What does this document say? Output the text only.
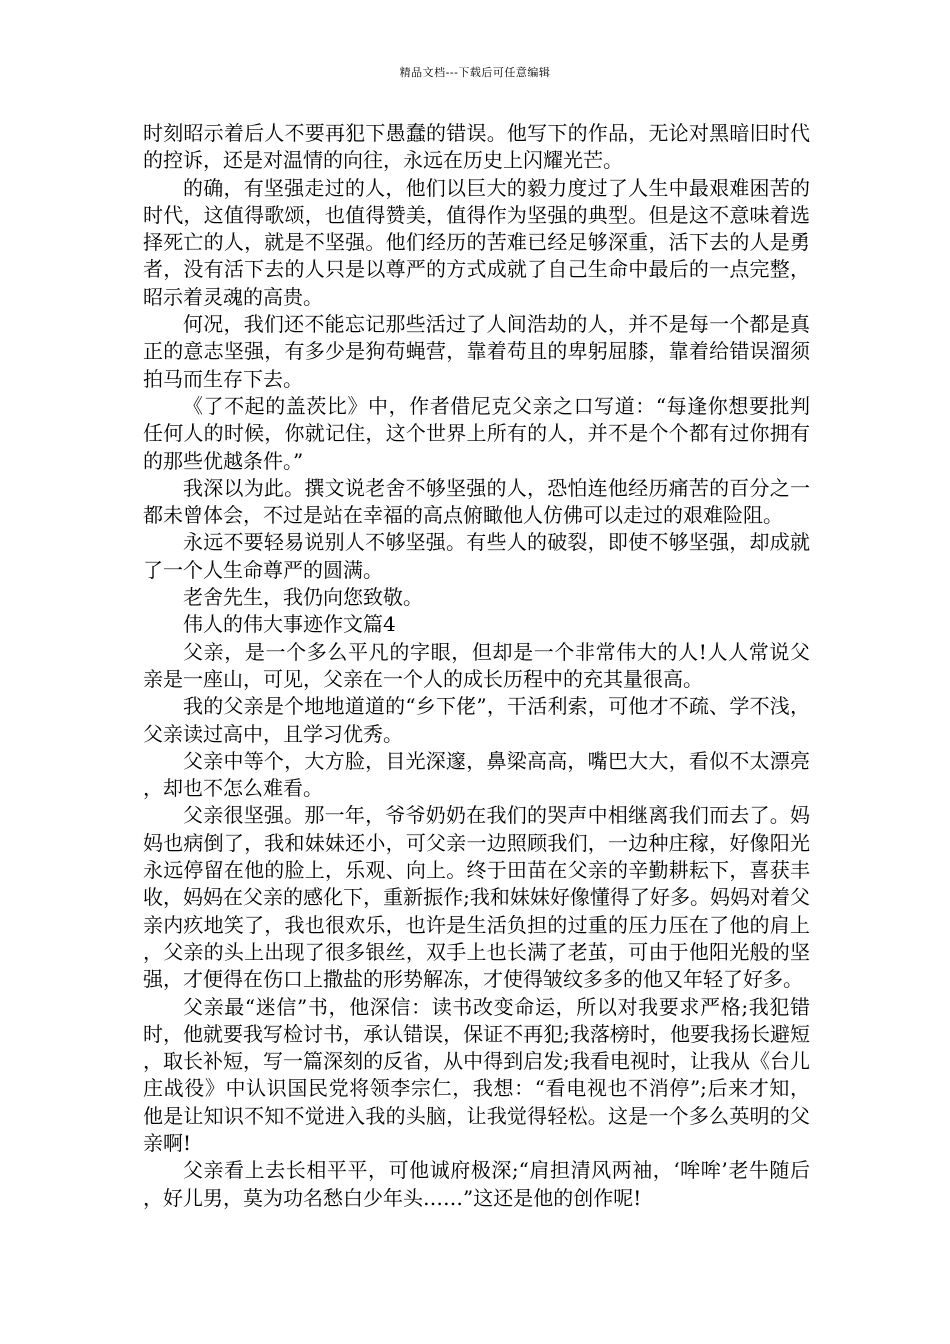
精品文档---下载后可任意编辑

时刻昭示着后人不要再犯下愚蠢的错误。他写下的作品，无论对黑暗旧时代的控诉，还是对温情的向往，永远在历史上闪耀光芒。

的确，有坚强走过的人，他们以巨大的毅力度过了人生中最艰难困苦的时代，这值得歌颂，也值得赞美，值得作为坚强的典型。但是这不意味着选择死亡的人，就是不坚强。他们经历的苦难已经足够深重，活下去的人是勇者，没有活下去的人只是以尊严的方式成就了自己生命中最后的一点完整，昭示着灵魂的高贵。

何况，我们还不能忘记那些活过了人间浩劫的人，并不是每一个都是真正的意志坚强，有多少是狗苟蝇营，靠着苟且的卑躬屈膝，靠着给错误溜须拍马而生存下去。

《了不起的盖茨比》中，作者借尼克父亲之口写道：“每逢你想要批判任何人的时候，你就记住，这个世界上所有的人，并不是个个都有过你拥有的那些优越条件。”

我深以为此。撰文说老舍不够坚强的人，恐怕连他经历痛苦的百分之一都未曾体会，不过是站在幸福的高点俯瞰他人仿佛可以走过的艰难险阻。

永远不要轻易说别人不够坚强。有些人的破裂，即使不够坚强，却成就了一个人生命尊严的圆满。

老舍先生，我仍向您致敬。

伟人的伟大事迹作文篇4

父亲，是一个多么平凡的字眼，但却是一个非常伟大的人!人人常说父亲是一座山，可见，父亲在一个人的成长历程中的充其量很高。

我的父亲是个地地道道的“乡下佬”，干活利索，可他才不疏、学不浅，父亲读过高中，且学习优秀。

父亲中等个，大方脸，目光深邃，鼻梁高高，嘴巴大大，看似不太漂亮，却也不怎么难看。

父亲很坚强。那一年，爷爷奶奶在我们的哭声中相继离我们而去了。妈妈也病倒了，我和妹妹还小，可父亲一边照顾我们，一边种庄稼，好像阳光永远停留在他的脸上，乐观、向上。终于田苗在父亲的辛勤耕耘下，喜获丰收，妈妈在父亲的感化下，重新振作;我和妹妹好像懂得了好多。妈妈对着父亲内疚地笑了，我也很欢乐，也许是生活负担的过重的压力压在了他的肩上，父亲的头上出现了很多银丝，双手上也长满了老茧，可由于他阳光般的坚强，才便得在伤口上撒盐的形势解冻，才使得皱纹多多的他又年轻了好多。

父亲最“迷信”书，他深信：读书改变命运，所以对我要求严格;我犯错时，他就要我写检讨书，承认错误，保证不再犯;我落榜时，他要我扬长避短，取长补短，写一篇深刻的反省，从中得到启发;我看电视时，让我从《台儿庄战役》中认识国民党将领李宗仁，我想：“看电视也不消停”;后来才知，他是让知识不知不觉进入我的头脑，让我觉得轻松。这是一个多么英明的父亲啊!

父亲看上去长相平平，可他诚府极深;“肩担清风两袖，‘哞哞’老牛随后，好儿男，莫为功名愁白少年头……”这还是他的创作呢!
